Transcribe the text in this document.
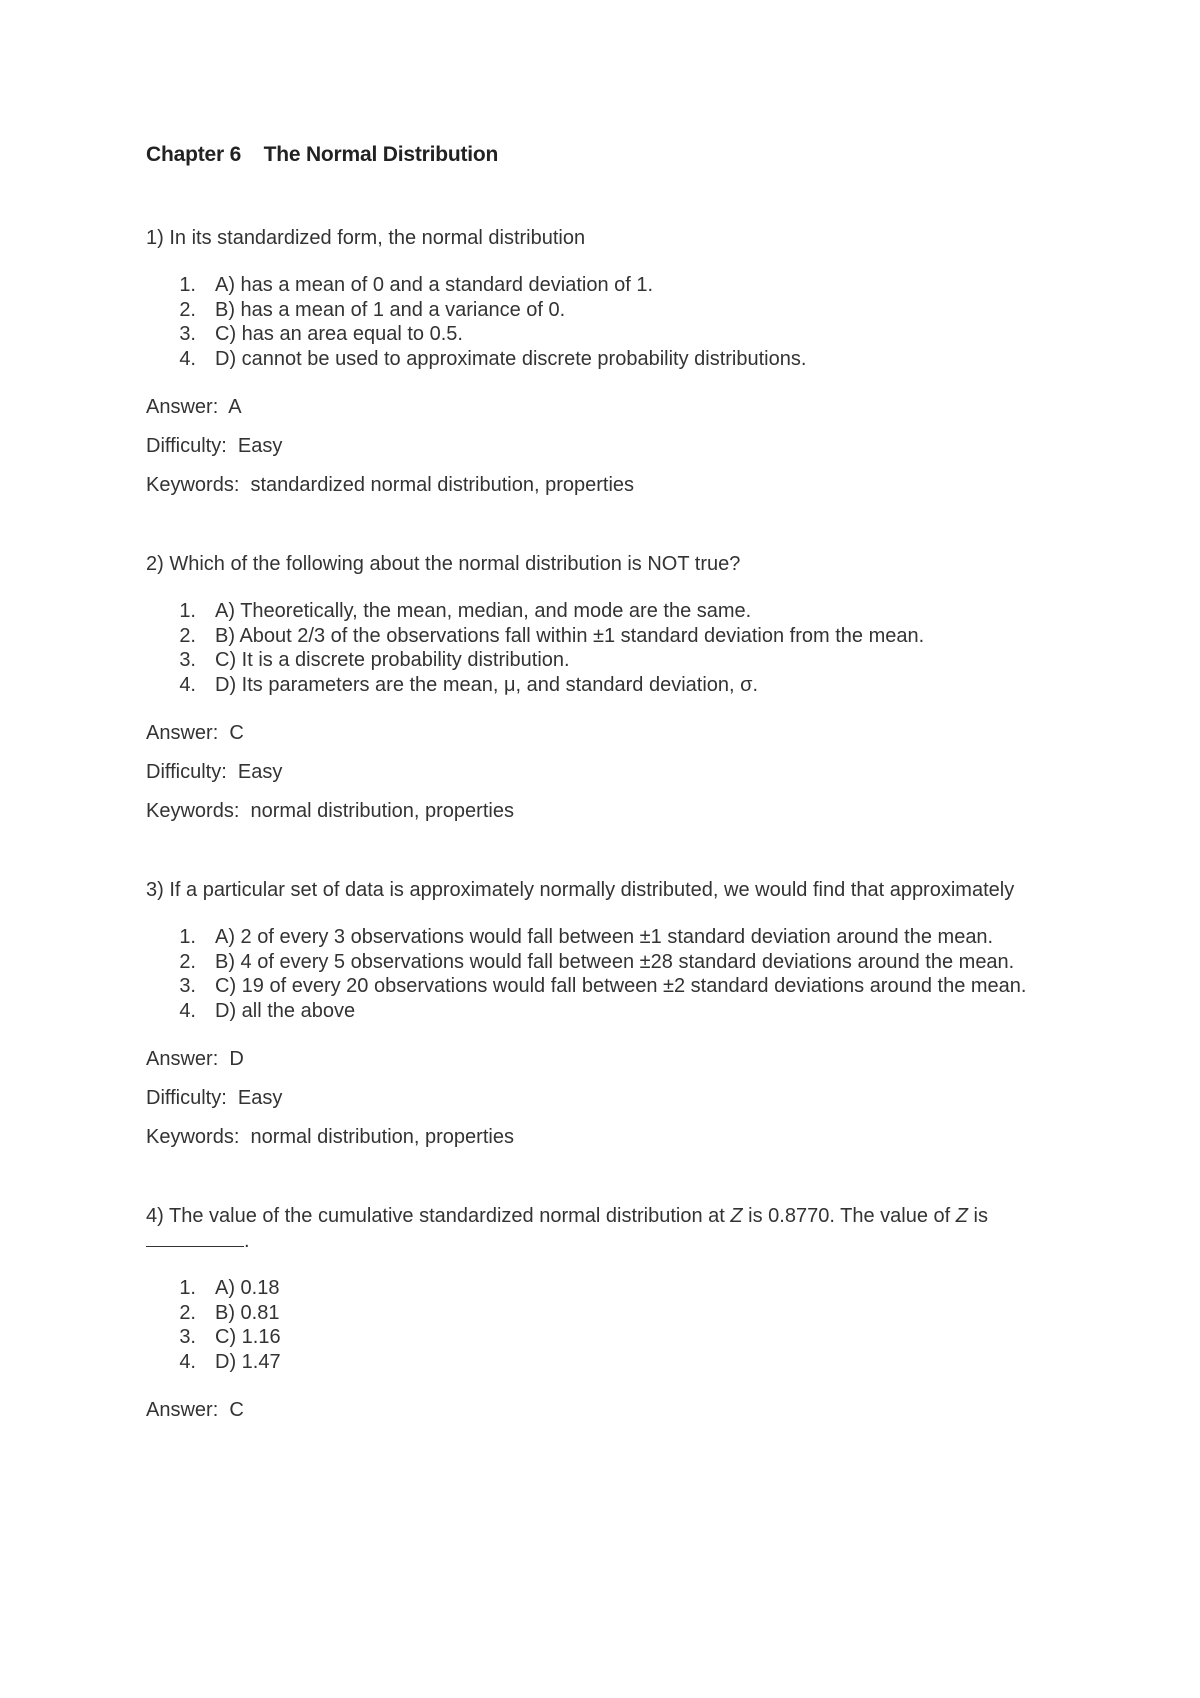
Chapter 6    The Normal Distribution

1) In its standardized form, the normal distribution

1. A) has a mean of 0 and a standard deviation of 1.
2. B) has a mean of 1 and a variance of 0.
3. C) has an area equal to 0.5.
4. D) cannot be used to approximate discrete probability distributions.

Answer:  A

Difficulty:  Easy

Keywords:  standardized normal distribution, properties

2) Which of the following about the normal distribution is NOT true?

1. A) Theoretically, the mean, median, and mode are the same.
2. B) About 2/3 of the observations fall within ±1 standard deviation from the mean.
3. C) It is a discrete probability distribution.
4. D) Its parameters are the mean, μ, and standard deviation, σ.

Answer:  C

Difficulty:  Easy

Keywords:  normal distribution, properties

3) If a particular set of data is approximately normally distributed, we would find that approximately

1. A) 2 of every 3 observations would fall between ±1 standard deviation around the mean.
2. B) 4 of every 5 observations would fall between ±28 standard deviations around the mean.
3. C) 19 of every 20 observations would fall between ±2 standard deviations around the mean.
4. D) all the above

Answer:  D

Difficulty:  Easy

Keywords:  normal distribution, properties

4) The value of the cumulative standardized normal distribution at Z is 0.8770. The value of Z is
.

1. A) 0.18
2. B) 0.81
3. C) 1.16
4. D) 1.47

Answer:  C
